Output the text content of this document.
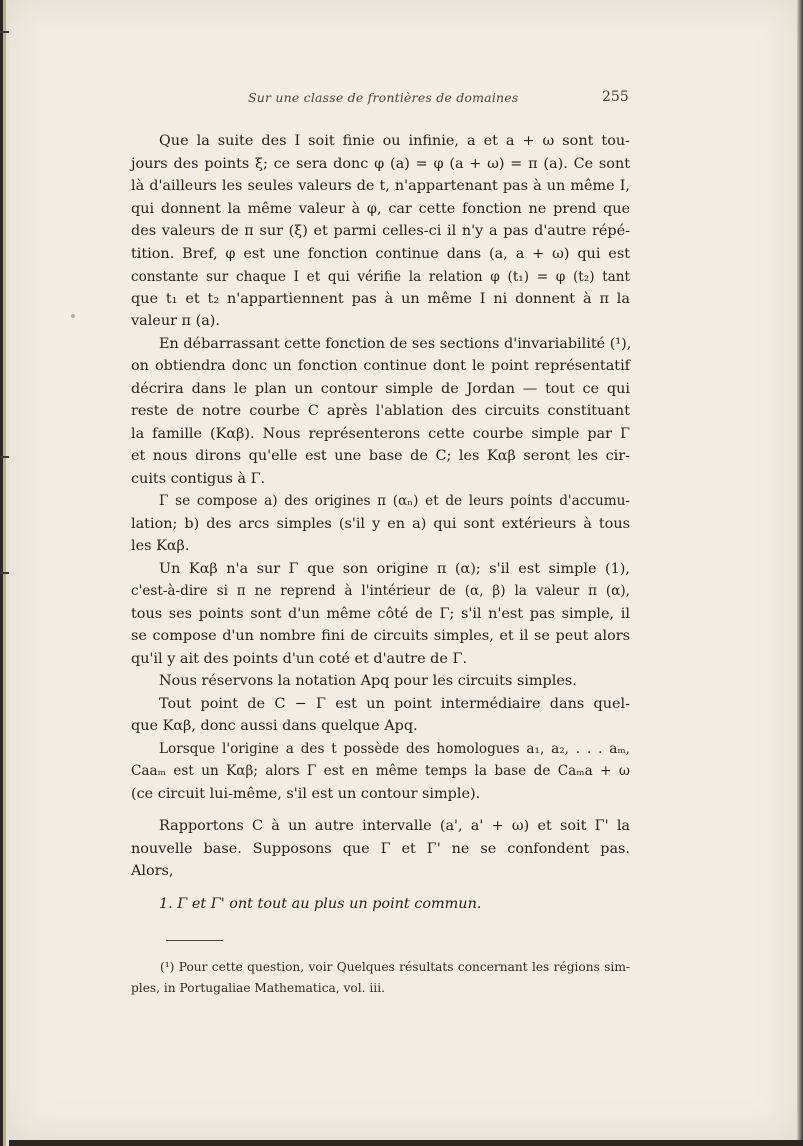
Sur une classe de frontières de domaines	255
Que la suite des I soit finie ou infinie, a et a + ω sont tou-
jours des points ξ; ce sera donc φ (a) = φ (a + ω) = π (a). Ce sont
là d'ailleurs les seules valeurs de t, n'appartenant pas à un même I,
qui donnent la même valeur à φ, car cette fonction ne prend que
des valeurs de π sur (ξ) et parmi celles-ci il n'y a pas d'autre répé-
tition. Bref, φ est une fonction continue dans (a, a + ω) qui est
constante sur chaque I et qui vérifie la relation φ (t₁) = φ (t₂) tant
que t₁ et t₂ n'appartiennent pas à un même I ni donnent à π la
valeur π (a).
En débarrassant cette fonction de ses sections d'invariabilité (¹),
on obtiendra donc un fonction continue dont le point représentatif
décrira dans le plan un contour simple de Jordan — tout ce qui
reste de notre courbe C après l'ablation des circuits constituant
la famille (Kαβ). Nous représenterons cette courbe simple par Γ
et nous dirons qu'elle est une base de C; les Kαβ seront les cir-
cuits contigus à Γ.
Γ se compose a) des origines π (αₙ) et de leurs points d'accumu-
lation; b) des arcs simples (s'il y en a) qui sont extérieurs à tous
les Kαβ.
Un Kαβ n'a sur Γ que son origine π (α); s'il est simple (1),
c'est-à-dire si π ne reprend à l'intérieur de (α, β) la valeur π (α),
tous ses points sont d'un même côté de Γ; s'il n'est pas simple, il
se compose d'un nombre fini de circuits simples, et il se peut alors
qu'il y ait des points d'un coté et d'autre de Γ.
Nous réservons la notation Apq pour les circuits simples.
Tout point de C − Γ est un point intermédiaire dans quel-
que Kαβ, donc aussi dans quelque Apq.
Lorsque l'origine a des t possède des homologues a₁, a₂, . . . aₘ,
Caaₘ est un Kαβ; alors Γ est en même temps la base de Caₘa + ω
(ce circuit lui-même, s'il est un contour simple).
Rapportons C à un autre intervalle (a', a' + ω) et soit Γ' la
nouvelle base. Supposons que Γ et Γ' ne se confondent pas.
Alors,
1. Γ et Γ' ont tout au plus un point commun.
(¹) Pour cette question, voir Quelques résultats concernant les régions sim-
ples, in Portugaliae Mathematica, vol. iii.
